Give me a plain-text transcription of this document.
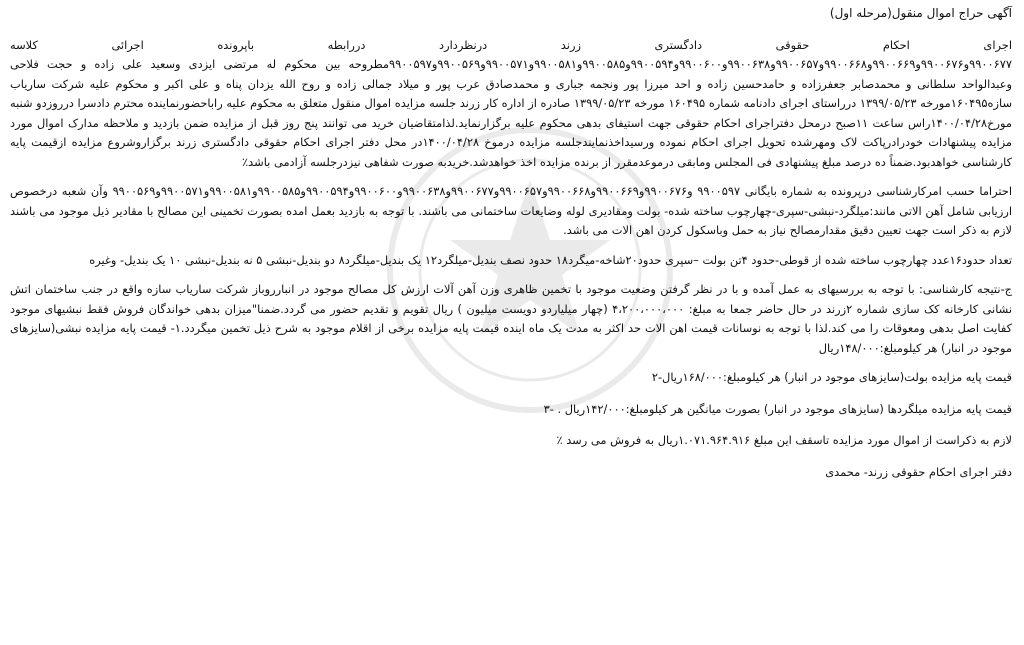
آگهی حراج اموال منقول(مرحله اول)

اجرای احکام حقوقی دادگستری زرند درنظردارد دررابطه باپرونده اجرائی کلاسه ۹۹۰۰۶۷۷و۹۹۰۰۶۷۶و۹۹۰۰۶۶۹و۹۹۰۰۶۶۸و۹۹۰۰۶۵۷و۹۹۰۰۶۳۸و۹۹۰۰۶۰۰و۹۹۰۰۵۹۴و۹۹۰۰۵۸۵و۹۹۰۰۵۸۱و۹۹۰۰۵۷۱و۹۹۰۰۵۶۹و۹۹۰۰۵۹۷مطروحه بین محکوم له مرتضی ایزدی وسعید علی زاده و حجت فلاحی وعبدالواحد سلطانی و محمدصابر جعفرزاده و حامدحسین زاده و احد میرزا پور ونجمه جباری و محمدصادق عرب پور و میلاد جمالی زاده و روح الله یزدان پناه و علی اکبر و محکوم علیه شرکت ساریاب سازه۱۶۰۴۹۵مورخه ۱۳۹۹/۰۵/۲۳ درراستای اجرای دادنامه شماره ۱۶۰۴۹۵ مورخه ۱۳۹۹/۰۵/۲۳ صادره از اداره کار زرند جلسه مزایده اموال منقول متعلق به محکوم علیه راباحضورنماینده محترم دادسرا درروزدو شنبه مورخ۱۴۰۰/۰۴/۲۸راس ساعت ۱۱صبح درمحل دفتراجرای احکام حقوقی جهت استیفای بدهی محکوم علیه برگزارنماید.لذامتقاضیان خرید می توانند پنج روز قبل از مزایده ضمن بازدید و ملاحظه مدارک اموال مورد مزایده پیشنهادات خودرادرپاکت لاک ومهرشده تحویل اجرای احکام نموده ورسیداخذنمایندجلسه مزایده درموخ ۱۴۰۰/۰۴/۲۸در محل دفتر اجرای احکام حقوقی دادگستری زرند برگزاروشروع مزایده ازقیمت پایه کارشناسی خواهدبود.ضمناً ده درصد مبلغ پیشنهادی فی المجلس ومابقی درموعدمقرر از برنده مزایده اخذ خواهدشد.خریدبه صورت شفاهی نیزدرجلسه آزادمی باشد٪

احتراما حسب امرکارشناسی درپرونده به شماره بایگانی ۹۹۰۰۵۹۷ و۹۹۰۰۶۷۶و۹۹۰۰۶۶۹و۹۹۰۰۶۶۸و۹۹۰۰۶۵۷و۹۹۰۰۶۷۷و۹۹۰۰۶۳۸و۹۹۰۰۶۰۰و۹۹۰۰۵۹۴و۹۹۰۰۵۸۵و۹۹۰۰۵۸۱و۹۹۰۰۵۷۱و۹۹۰۰۵۶۹ وآن شعبه درخصوص ارزیابی شامل آهن الاتی مانند:میلگرد-نبشی-سپری-چهارچوب ساخته شده- بولت ومقادیری لوله وضایعات ساختمانی می باشند. با توجه به بازدید بعمل امده بصورت تخمینی این مصالح با مقادیر ذیل موجود می باشند لازم به ذکر است جهت تعیین دقیق مقدارمصالح نیاز به حمل وباسکول کردن اهن الات می باشد.

تعداد حدود۱۶عدد چهارچوب ساخته شده از قوطی-حدود ۴تن بولت –سپری حدود۲۰شاخه-میگرد۱۸ حدود نصف بندیل-میلگرد۱۲ یک بندیل-میلگرد۸ دو بندیل-نبشی ۵ نه بندیل-نبشی ۱۰ یک بندیل- وغیره

ج-نتیجه کارشناسی: با توجه به بررسیهای به عمل آمده و با در نظر گرفتن وضعیت موجود با تخمین ظاهری وزن آهن آلات ارزش کل مصالح موجود در انبارروباز شرکت ساریاب سازه واقع در جنب ساختمان اتش نشانی کارخانه کک سازی شماره ۲زرند در حال حاضر جمعا به مبلغ: ۴،۲۰۰،۰۰۰،۰۰۰ (چهار میلیاردو دویست میلیون ) ریال تقویم و تقدیم حضور می گردد.ضمنا"میزان بدهی خواندگان فروش فقط نبشیهای موجود کفایت اصل بدهی ومعوقات را می کند.لذا با توجه به نوسانات قیمت اهن الات حد اکثر به مدت یک ماه اینده قیمت پایه مزایده برخی از اقلام موجود به شرح ذیل تخمین میگردد.۱- قیمت پایه مزایده نبشی(سایزهای موجود در انبار) هر کیلومبلغ:۱۴۸/۰۰۰ریال

قیمت پایه مزایده بولت(سایزهای موجود در انبار) هر کیلومبلغ:۱۶۸/۰۰۰ریال-۲
قیمت پایه مزایده میلگردها (سایزهای موجود در انبار) بصورت میانگین هر کیلومبلغ:۱۴۲/۰۰۰ریال . -۳
لازم به ذکراست از اموال مورد مزایده تاسقف این مبلغ ۱.۰۷۱.۹۶۴.۹۱۶ریال به فروش می رسد ٪
دفتر اجرای احکام حقوقی زرند- محمدی
